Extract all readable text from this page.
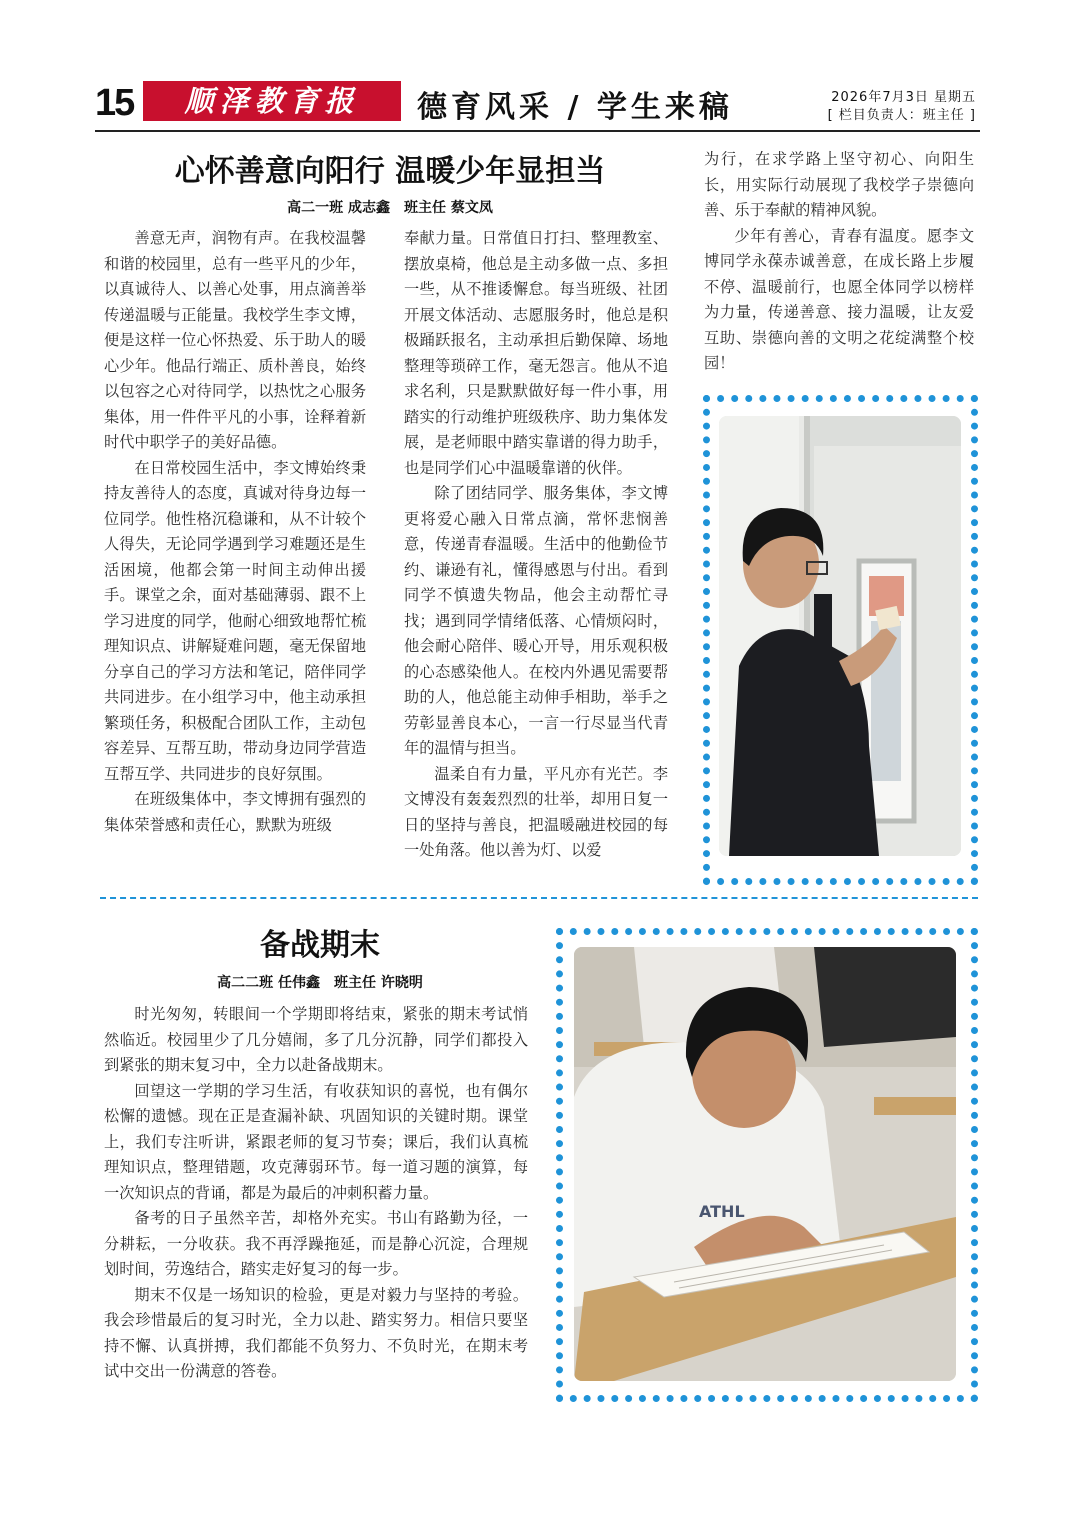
15	顺泽教育报	德育风采 / 学生来稿	2026年7月3日 星期五
[ 栏目负责人：班主任 ]
心怀善意向阳行 温暖少年显担当
高二一班 成志鑫 班主任 蔡文凤

善意无声，润物有声。在我校温馨和谐的校园里，总有一些平凡的少年，以真诚待人、以善心处事，用点滴善举传递温暖与正能量。我校学生李文博，便是这样一位心怀热爱、乐于助人的暖心少年。他品行端正、质朴善良，始终以包容之心对待同学，以热忱之心服务集体，用一件件平凡的小事，诠释着新时代中职学子的美好品德。

在日常校园生活中，李文博始终秉持友善待人的态度，真诚对待身边每一位同学。他性格沉稳谦和，从不计较个人得失，无论同学遇到学习难题还是生活困境，他都会第一时间主动伸出援手。课堂之余，面对基础薄弱、跟不上学习进度的同学，他耐心细致地帮忙梳理知识点、讲解疑难问题，毫无保留地分享自己的学习方法和笔记，陪伴同学共同进步。在小组学习中，他主动承担繁琐任务，积极配合团队工作，主动包容差异、互帮互助，带动身边同学营造互帮互学、共同进步的良好氛围。

在班级集体中，李文博拥有强烈的集体荣誉感和责任心，默默为班级

奉献力量。日常值日打扫、整理教室、摆放桌椅，他总是主动多做一点、多担一些，从不推诿懈怠。每当班级、社团开展文体活动、志愿服务时，他总是积极踊跃报名，主动承担后勤保障、场地整理等琐碎工作，毫无怨言。他从不追求名利，只是默默做好每一件小事，用踏实的行动维护班级秩序、助力集体发展，是老师眼中踏实靠谱的得力助手，也是同学们心中温暖靠谱的伙伴。

除了团结同学、服务集体，李文博更将爱心融入日常点滴，常怀悲悯善意，传递青春温暖。生活中的他勤俭节约、谦逊有礼，懂得感恩与付出。看到同学不慎遗失物品，他会主动帮忙寻找；遇到同学情绪低落、心情烦闷时，他会耐心陪伴、暖心开导，用乐观积极的心态感染他人。在校内外遇见需要帮助的人，他总能主动伸手相助，举手之劳彰显善良本心，一言一行尽显当代青年的温情与担当。

温柔自有力量，平凡亦有光芒。李文博没有轰轰烈烈的壮举，却用日复一日的坚持与善良，把温暖融进校园的每一处角落。他以善为灯、以爱

为行，在求学路上坚守初心、向阳生长，用实际行动展现了我校学子崇德向善、乐于奉献的精神风貌。

少年有善心，青春有温度。愿李文博同学永葆赤诚善意，在成长路上步履不停、温暖前行，也愿全体同学以榜样为力量，传递善意、接力温暖，让友爱互助、崇德向善的文明之花绽满整个校园！

备战期末
高二二班 任伟鑫 班主任 许晓明

时光匆匆，转眼间一个学期即将结束，紧张的期末考试悄然临近。校园里少了几分嬉闹，多了几分沉静，同学们都投入到紧张的期末复习中，全力以赴备战期末。

回望这一学期的学习生活，有收获知识的喜悦，也有偶尔松懈的遗憾。现在正是查漏补缺、巩固知识的关键时期。课堂上，我们专注听讲，紧跟老师的复习节奏；课后，我们认真梳理知识点，整理错题，攻克薄弱环节。每一道习题的演算，每一次知识点的背诵，都是为最后的冲刺积蓄力量。

备考的日子虽然辛苦，却格外充实。书山有路勤为径，一分耕耘，一分收获。我不再浮躁拖延，而是静心沉淀，合理规划时间，劳逸结合，踏实走好复习的每一步。

期末不仅是一场知识的检验，更是对毅力与坚持的考验。我会珍惜最后的复习时光，全力以赴、踏实努力。相信只要坚持不懈、认真拼搏，我们都能不负努力、不负时光，在期末考试中交出一份满意的答卷。

ATHL
